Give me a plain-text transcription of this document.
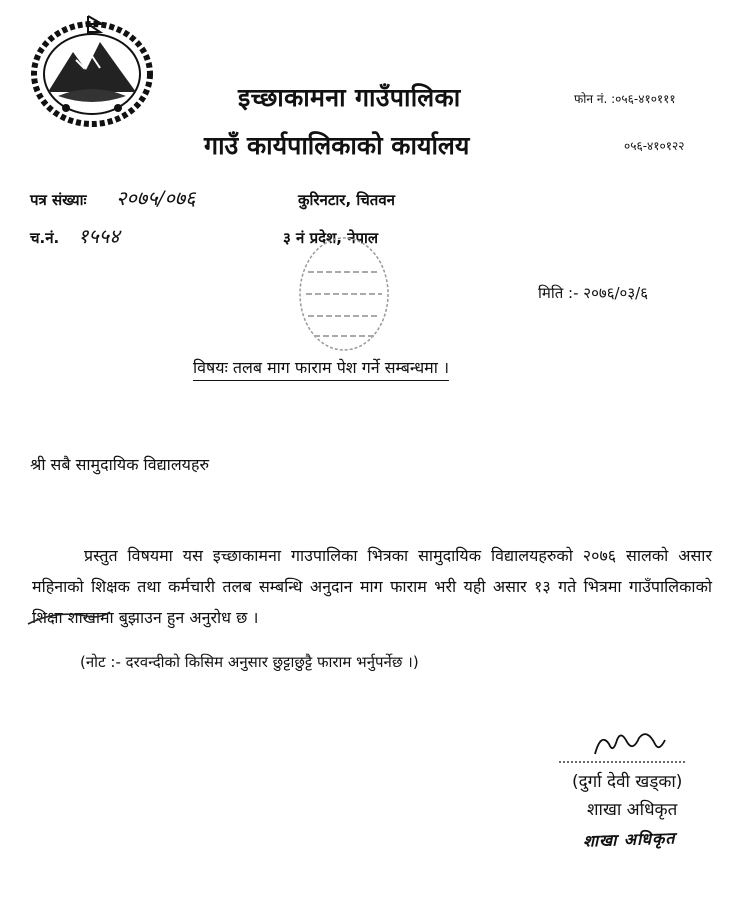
इच्छाकामना गाउँपालिका
गाउँ कार्यपालिकाको कार्यालय
फोन नं. :०५६-४१०१११
०५६-४१०१२२
पत्र संख्याः २०७५/०७६
च.नं. १५५४
कुरिनटार, चितवन
३ नं प्रदेश, नेपाल
मिति :- २०७६/०३/६
विषयः तलब माग फाराम पेश गर्ने सम्बन्धमा ।
श्री सबै सामुदायिक विद्यालयहरु

प्रस्तुत विषयमा यस इच्छाकामना गाउपालिका भित्रका सामुदायिक विद्यालयहरुको २०७६ सालको असार महिनाको शिक्षक तथा कर्मचारी तलब सम्बन्धि अनुदान माग फाराम भरी यही असार १३ गते भित्रमा गाउँपालिकाको शिक्षा शाखामा बुझाउन हुन अनुरोध छ ।

(नोट :- दरवन्दीको किसिम अनुसार छुट्टाछुट्टै फाराम भर्नुपर्नेछ ।)
(दुर्गा देवी खड्का)
शाखा अधिकृत
शाखा अधिकृत
